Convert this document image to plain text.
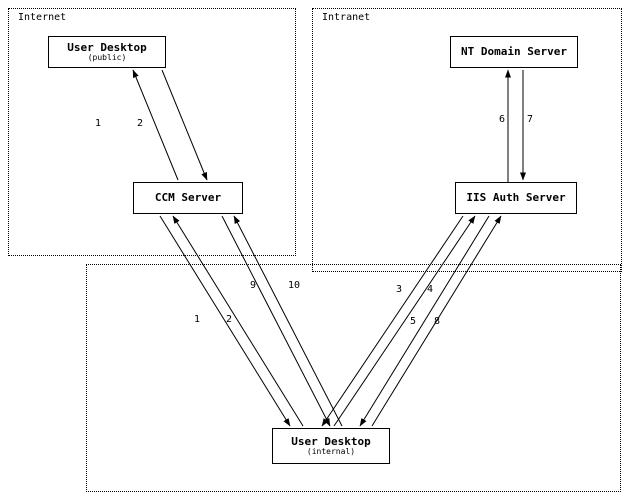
Internet	Intranet
User Desktop
(public)
CCM Server
NT Domain Server
IIS Auth Server
User Desktop
(internal)
1	2	6 7
9	10	3 4
5 8
1	2
